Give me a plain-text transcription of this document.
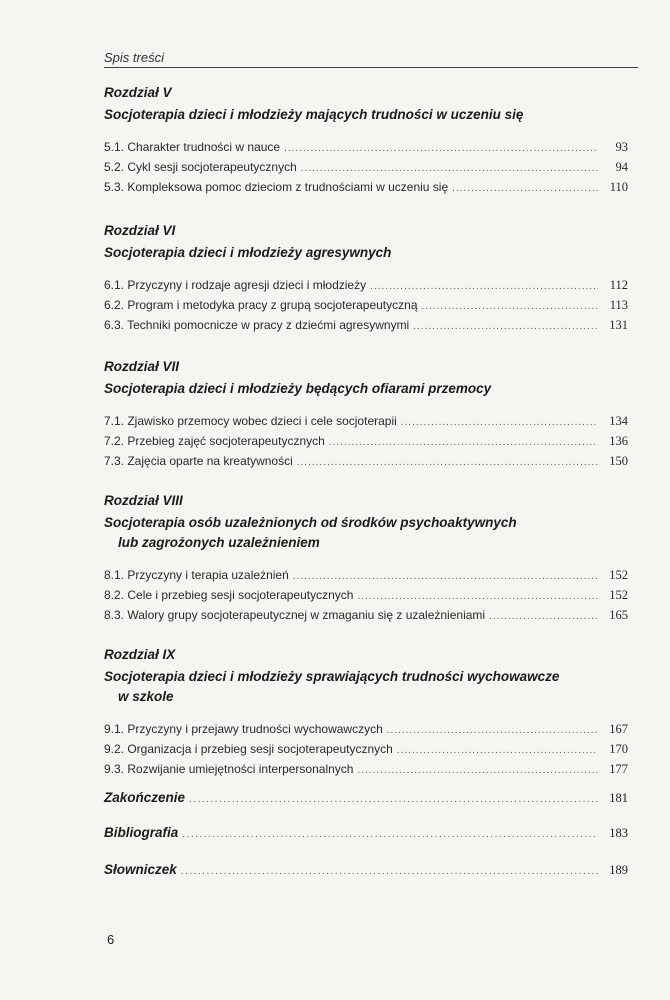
Spis treści
Rozdział V
Socjoterapia dzieci i młodzieży mających trudności w uczeniu się
5.1. Charakter trudności w nauce .....	93
5.2. Cykl sesji socjoterapeutycznych .....	94
5.3. Kompleksowa pomoc dzieciom z trudnościami w uczeniu się .....	110
Rozdział VI
Socjoterapia dzieci i młodzieży agresywnych
6.1. Przyczyny i rodzaje agresji dzieci i młodzieży .....	112
6.2. Program i metodyka pracy z grupą socjoterapeutyczną .....	113
6.3. Techniki pomocnicze w pracy z dziećmi agresywnymi .....	131
Rozdział VII
Socjoterapia dzieci i młodzieży będących ofiarami przemocy
7.1. Zjawisko przemocy wobec dzieci i cele socjoterapii .....	134
7.2. Przebieg zajęć socjoterapeutycznych .....	136
7.3. Zajęcia oparte na kreatywności .....	150
Rozdział VIII
Socjoterapia osób uzależnionych od środków psychoaktywnych
lub zagrożonych uzależnieniem
8.1. Przyczyny i terapia uzależnień .....	152
8.2. Cele i przebieg sesji socjoterapeutycznych .....	152
8.3. Walory grupy socjoterapeutycznej w zmaganiu się z uzależnieniami .....	165
Rozdział IX
Socjoterapia dzieci i młodzieży sprawiających trudności wychowawcze
w szkole
9.1. Przyczyny i przejawy trudności wychowawczych .....	167
9.2. Organizacja i przebieg sesji socjoterapeutycznych .....	170
9.3. Rozwijanie umiejętności interpersonalnych .....	177
Zakończenie .....	181
Bibliografia .....	183
Słowniczek .....	189
6
